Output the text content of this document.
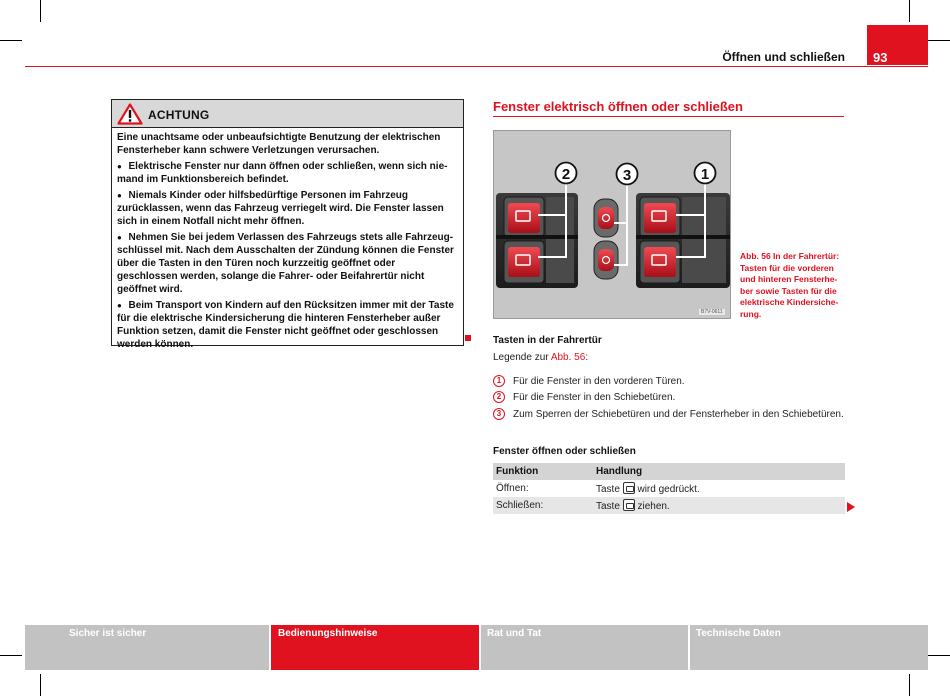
Öffnen und schließen 93
ACHTUNG

Eine unachtsame oder unbeaufsichtigte Benutzung der elektrischen Fensterheber kann schwere Verletzungen verursachen.

●   Elektrische Fenster nur dann öffnen oder schließen, wenn sich niemand im Funktionsbereich befindet.

●   Niemals Kinder oder hilfsbedürftige Personen im Fahrzeug zurücklassen, wenn das Fahrzeug verriegelt wird. Die Fenster lassen sich in einem Notfall nicht mehr öffnen.

●   Nehmen Sie bei jedem Verlassen des Fahrzeugs stets alle Fahrzeugschlüssel mit. Nach dem Ausschalten der Zündung können die Fenster über die Tasten in den Türen noch kurzzeitig geöffnet oder geschlossen werden, solange die Fahrer- oder Beifahrertür nicht geöffnet wird.

●   Beim Transport von Kindern auf den Rücksitzen immer mit der Taste für die elektrische Kindersicherung die hinteren Fensterheber außer Funktion setzen, damit die Fenster nicht geöffnet oder geschlossen werden können.

Fenster elektrisch öffnen oder schließen
2	3	1
B7V-0611
Abb. 56 In der Fahrertür: Tasten für die vorderen und hinteren Fensterheber sowie Tasten für die elektrische Kindersicherung.
Tasten in der Fahrertür
Legende zur Abb. 56:
1	Für die Fenster in den vorderen Türen.
2	Für die Fenster in den Schiebetüren.
3	Zum Sperren der Schiebetüren und der Fensterheber in den Schiebetüren.
Fenster öffnen oder schließen
Funktion	Handlung
Öffnen:	Taste wird gedrückt.
Schließen:	Taste ziehen.
Sicher ist sicher	Bedienungshinweise	Rat und Tat	Technische Daten
